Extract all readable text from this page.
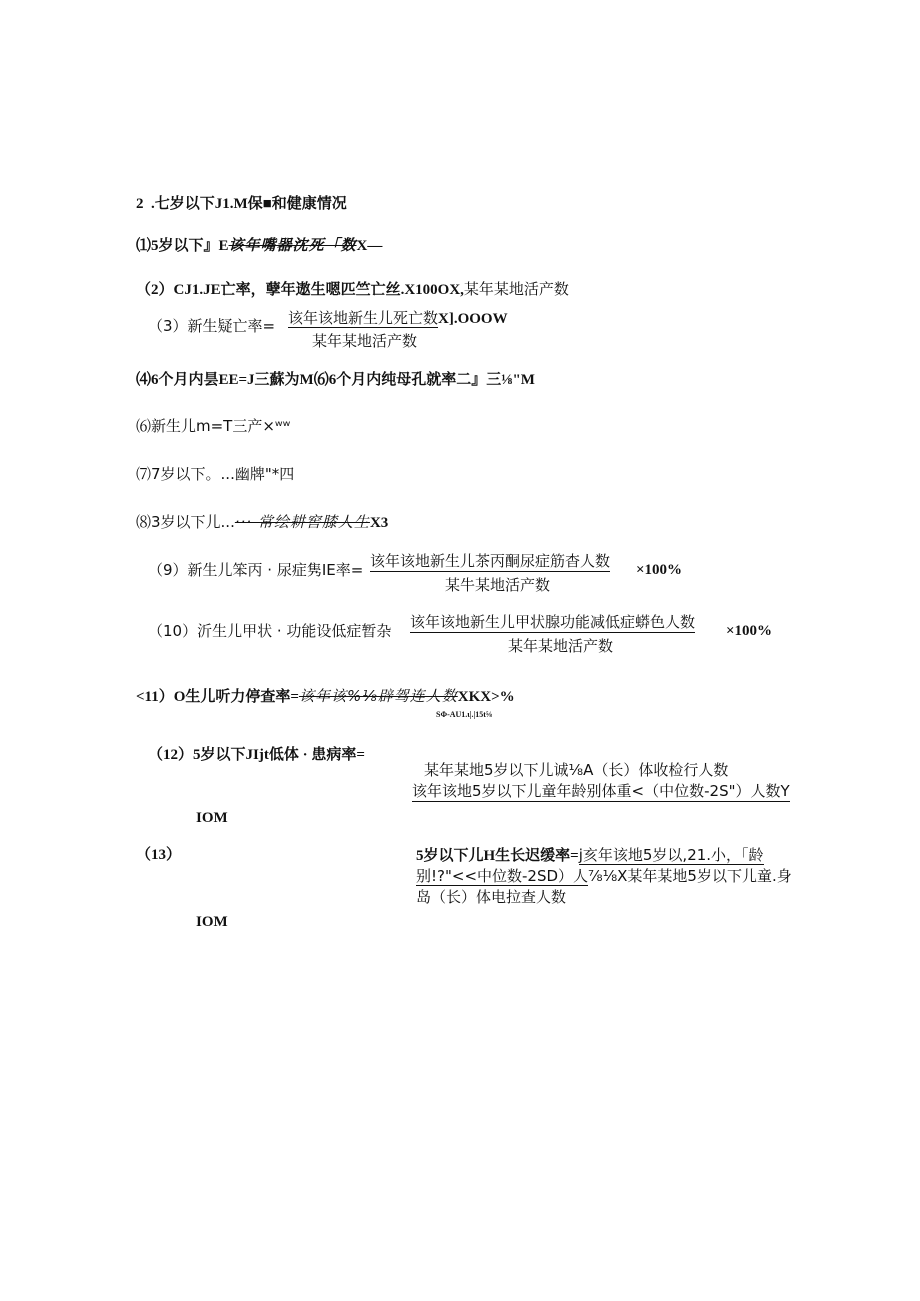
2 .七岁以下J1.M保■和健康情况
⑴5岁以下』E该年嘴器沈死「数X—
（2）CJ1.JE亡率，孽年遨生嗯匹竺亡丝.X100OX,某年某地活产数
（3）新生疑亡率= 该年该地新生儿死亡数X].OOOW
某年某地活产数
⑷6个月内昙EE=J三蘇为M⑹6个月内纯母孔就率二』三⅛"M
⑹新生儿m=T三产×ʷʷ
⑺7岁以下。...幽牌"*四
⑻3岁以下儿...··· 常绘耕窖膝人生X3
（9）新生儿笨丙 · 尿症隽IE率= 该年该地新生儿茶丙酮尿症筋杳人数
某牛某地活产数
×100%
（10）沂生儿甲状 · 功能设低症暂杂 该年该地新生儿甲状腺功能减低症蟒色人数
某年某地活产数
×100%
<11）O生儿听力停查率=该年该%⅛辟驾连人数XKX>%
SΦ-AU1.ι|.|15t⅝
（12）5岁以下JIjt低体 · 患病率=
某年某地5岁以下儿诚⅛A（长）体收检行人数
该年该地5岁以下儿童年龄别体重<（中位数-2S"）人数Y
IOM
（13）	5岁以下儿H生长迟缓率=j亥年该地5岁以,21.小，「龄
别!?"<<中位数-2SD）人⅞⅛X某年某地5岁以下儿童.身
岛（长）体电拉查人数
IOM
